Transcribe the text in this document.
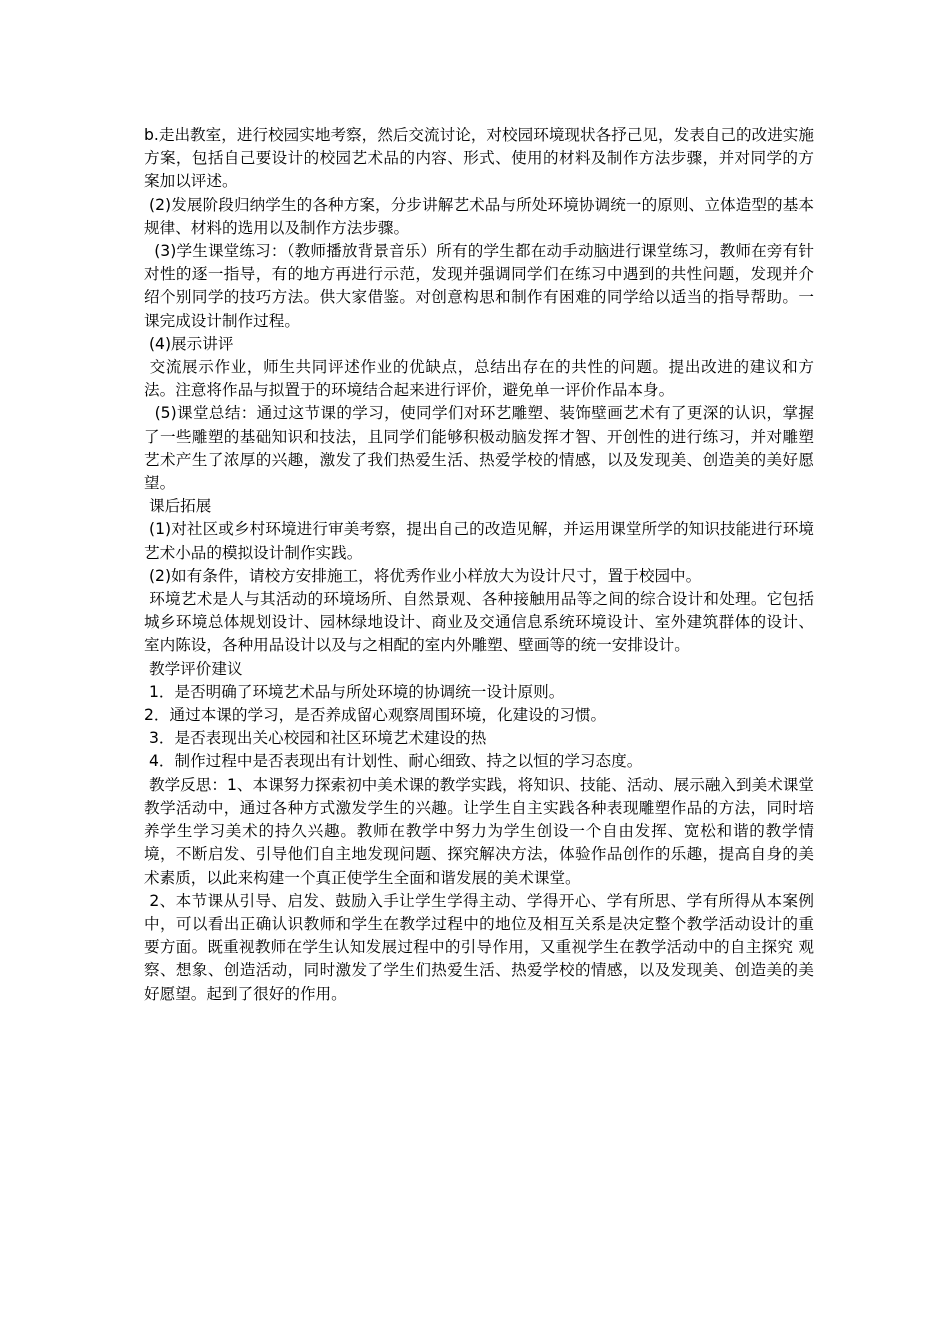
b.走出教室，进行校园实地考察，然后交流讨论，对校园环境现状各抒己见，发表自己的改进实施方案，包括自己要设计的校园艺术品的内容、形式、使用的材料及制作方法步骤，并对同学的方案加以评述。

(2)发展阶段归纳学生的各种方案，分步讲解艺术品与所处环境协调统一的原则、立体造型的基本规律、材料的选用以及制作方法步骤。

(3)学生课堂练习：（教师播放背景音乐）所有的学生都在动手动脑进行课堂练习，教师在旁有针对性的逐一指导，有的地方再进行示范，发现并强调同学们在练习中遇到的共性问题，发现并介绍个别同学的技巧方法。供大家借鉴。对创意构思和制作有困难的同学给以适当的指导帮助。一课完成设计制作过程。

(4)展示讲评

交流展示作业，师生共同评述作业的优缺点，总结出存在的共性的问题。提出改进的建议和方法。注意将作品与拟置于的环境结合起来进行评价，避免单一评价作品本身。

(5)课堂总结：通过这节课的学习，使同学们对环艺雕塑、装饰壁画艺术有了更深的认识，掌握了一些雕塑的基础知识和技法，且同学们能够积极动脑发挥才智、开创性的进行练习，并对雕塑艺术产生了浓厚的兴趣，激发了我们热爱生活、热爱学校的情感，以及发现美、创造美的美好愿望。

课后拓展

(1)对社区或乡村环境进行审美考察，提出自己的改造见解，并运用课堂所学的知识技能进行环境艺术小品的模拟设计制作实践。

(2)如有条件，请校方安排施工，将优秀作业小样放大为设计尺寸，置于校园中。

环境艺术是人与其活动的环境场所、自然景观、各种接触用品等之间的综合设计和处理。它包括城乡环境总体规划设计、园林绿地设计、商业及交通信息系统环境设计、室外建筑群体的设计、室内陈设，各种用品设计以及与之相配的室内外雕塑、壁画等的统一安排设计。

教学评价建议

1．是否明确了环境艺术品与所处环境的协调统一设计原则。

2．通过本课的学习，是否养成留心观察周围环境，化建设的习惯。

3．是否表现出关心校园和社区环境艺术建设的热

4．制作过程中是否表现出有计划性、耐心细致、持之以恒的学习态度。

教学反思：1、本课努力探索初中美术课的教学实践，将知识、技能、活动、展示融入到美术课堂教学活动中，通过各种方式激发学生的兴趣。让学生自主实践各种表现雕塑作品的方法，同时培养学生学习美术的持久兴趣。教师在教学中努力为学生创设一个自由发挥、宽松和谐的教学情境，不断启发、引导他们自主地发现问题、探究解决方法，体验作品创作的乐趣，提高自身的美术素质，以此来构建一个真正使学生全面和谐发展的美术课堂。

2、本节课从引导、启发、鼓励入手让学生学得主动、学得开心、学有所思、学有所得从本案例中，可以看出正确认识教师和学生在教学过程中的地位及相互关系是决定整个教学活动设计的重要方面。既重视教师在学生认知发展过程中的引导作用，又重视学生在教学活动中的自主探究 观察、想象、创造活动，同时激发了学生们热爱生活、热爱学校的情感，以及发现美、创造美的美好愿望。起到了很好的作用。
